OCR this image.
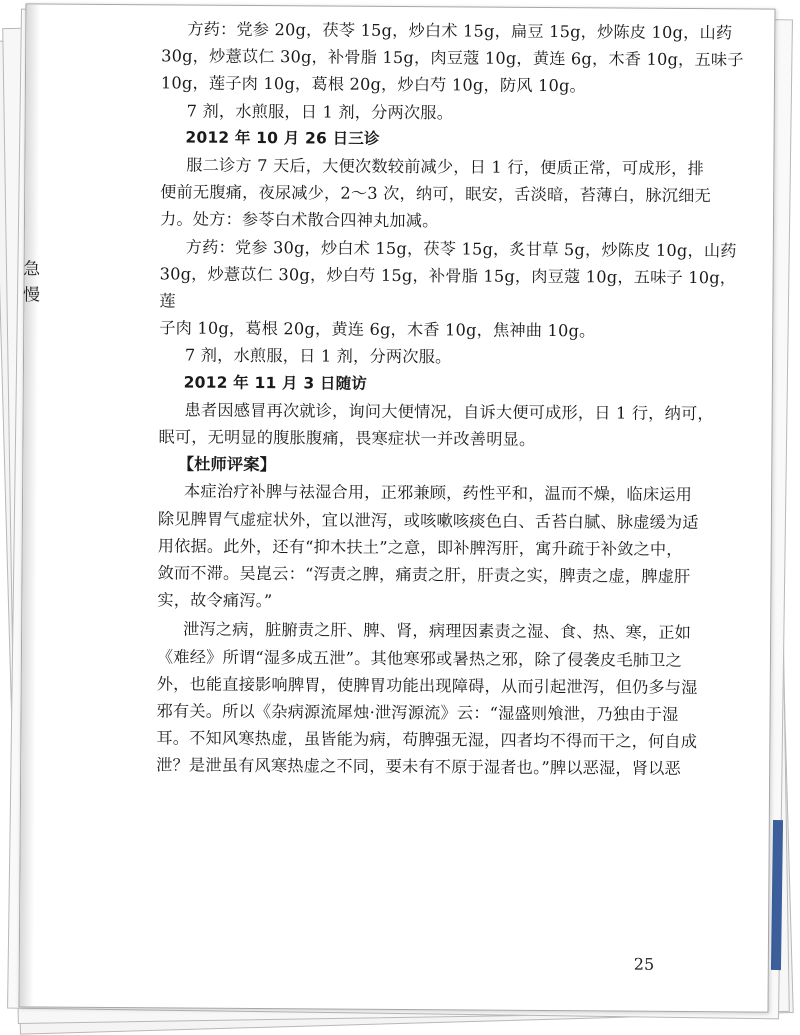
急 慢

方药：党参 20g，茯苓 15g，炒白术 15g，扁豆 15g，炒陈皮 10g，山药

30g，炒薏苡仁 30g，补骨脂 15g，肉豆蔻 10g，黄连 6g，木香 10g，五味子

10g，莲子肉 10g，葛根 20g，炒白芍 10g，防风 10g。

7 剂，水煎服，日 1 剂，分两次服。

2012 年 10 月 26 日三诊

服二诊方 7 天后，大便次数较前减少，日 1 行，便质正常，可成形，排

便前无腹痛，夜尿减少，2～3 次，纳可，眠安，舌淡暗，苔薄白，脉沉细无

力。处方：参苓白术散合四神丸加减。

方药：党参 30g，炒白术 15g，茯苓 15g，炙甘草 5g，炒陈皮 10g，山药

30g，炒薏苡仁 30g，炒白芍 15g，补骨脂 15g，肉豆蔻 10g，五味子 10g，莲

子肉 10g，葛根 20g，黄连 6g，木香 10g，焦神曲 10g。

7 剂，水煎服，日 1 剂，分两次服。

2012 年 11 月 3 日随访

患者因感冒再次就诊，询问大便情况，自诉大便可成形，日 1 行，纳可，

眠可，无明显的腹胀腹痛，畏寒症状一并改善明显。

【杜师评案】

本症治疗补脾与祛湿合用，正邪兼顾，药性平和，温而不燥，临床运用

除见脾胃气虚症状外，宜以泄泻，或咳嗽咳痰色白、舌苔白腻、脉虚缓为适

用依据。此外，还有“抑木扶土”之意，即补脾泻肝，寓升疏于补敛之中，

敛而不滞。吴崑云：“泻责之脾，痛责之肝，肝责之实，脾责之虚，脾虚肝

实，故令痛泻。”

泄泻之病，脏腑责之肝、脾、肾，病理因素责之湿、食、热、寒，正如

《难经》所谓“湿多成五泄”。其他寒邪或暑热之邪，除了侵袭皮毛肺卫之

外，也能直接影响脾胃，使脾胃功能出现障碍，从而引起泄泻，但仍多与湿

邪有关。所以《杂病源流犀烛·泄泻源流》云：“湿盛则飧泄，乃独由于湿

耳。不知风寒热虚，虽皆能为病，苟脾强无湿，四者均不得而干之，何自成

泄？是泄虽有风寒热虚之不同，要未有不原于湿者也。”脾以恶湿，肾以恶

25
